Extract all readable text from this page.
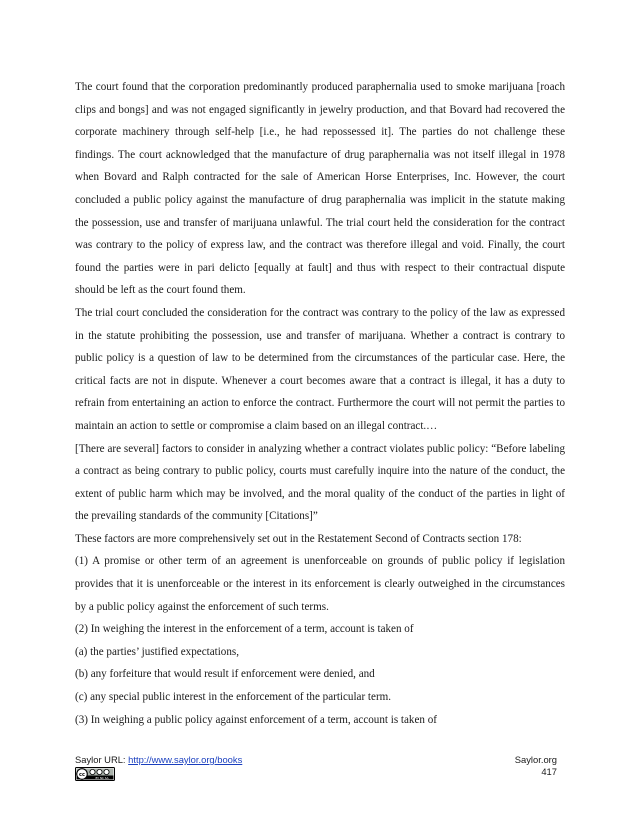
The court found that the corporation predominantly produced paraphernalia used to smoke marijuana [roach clips and bongs] and was not engaged significantly in jewelry production, and that Bovard had recovered the corporate machinery through self-help [i.e., he had repossessed it]. The parties do not challenge these findings. The court acknowledged that the manufacture of drug paraphernalia was not itself illegal in 1978 when Bovard and Ralph contracted for the sale of American Horse Enterprises, Inc. However, the court concluded a public policy against the manufacture of drug paraphernalia was implicit in the statute making the possession, use and transfer of marijuana unlawful. The trial court held the consideration for the contract was contrary to the policy of express law, and the contract was therefore illegal and void. Finally, the court found the parties were in pari delicto [equally at fault] and thus with respect to their contractual dispute should be left as the court found them.

The trial court concluded the consideration for the contract was contrary to the policy of the law as expressed in the statute prohibiting the possession, use and transfer of marijuana. Whether a contract is contrary to public policy is a question of law to be determined from the circumstances of the particular case. Here, the critical facts are not in dispute. Whenever a court becomes aware that a contract is illegal, it has a duty to refrain from entertaining an action to enforce the contract. Furthermore the court will not permit the parties to maintain an action to settle or compromise a claim based on an illegal contract.…

[There are several] factors to consider in analyzing whether a contract violates public policy: “Before labeling a contract as being contrary to public policy, courts must carefully inquire into the nature of the conduct, the extent of public harm which may be involved, and the moral quality of the conduct of the parties in light of the prevailing standards of the community [Citations]”

These factors are more comprehensively set out in the Restatement Second of Contracts section 178:

(1) A promise or other term of an agreement is unenforceable on grounds of public policy if legislation provides that it is unenforceable or the interest in its enforcement is clearly outweighed in the circumstances by a public policy against the enforcement of such terms.

(2) In weighing the interest in the enforcement of a term, account is taken of

(a) the parties’ justified expectations,

(b) any forfeiture that would result if enforcement were denied, and

(c) any special public interest in the enforcement of the particular term.

(3) In weighing a public policy against enforcement of a term, account is taken of

Saylor URL: http://www.saylor.org/books
cc
BY NC SA
Saylor.org
417
